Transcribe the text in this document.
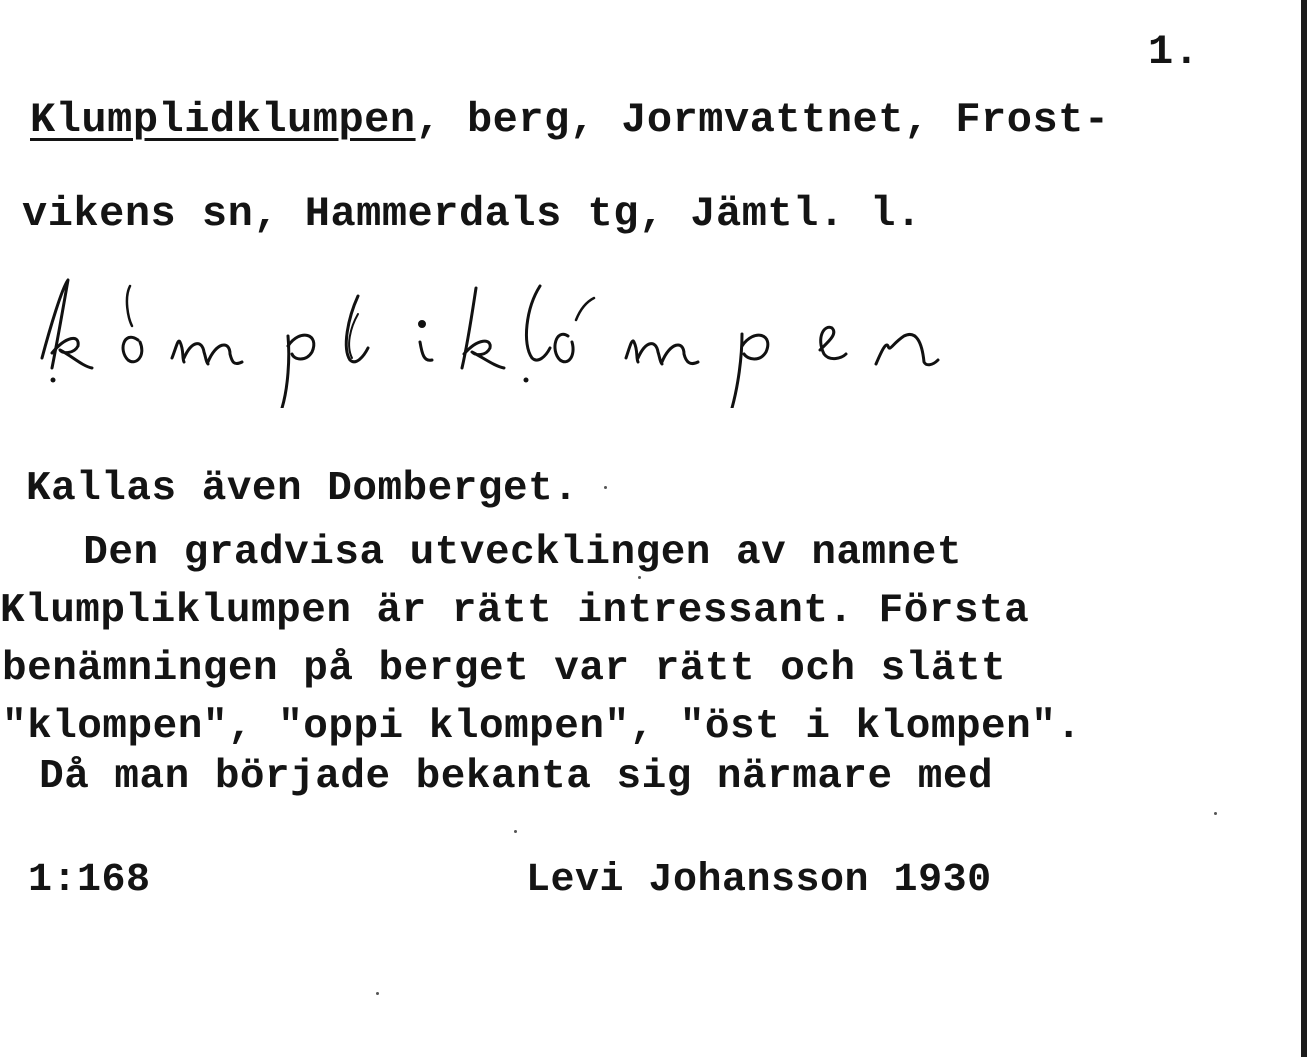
1.
Klumplidklumpen, berg, Jormvattnet, Frost-
vikens sn, Hammerdals tg, Jämtl. l.
Kallas även Domberget.
Den gradvisa utvecklingen av namnet
Klumpliklumpen är rätt intressant. Första
benämningen på berget var rätt och slätt
"klompen", "oppi klompen", "öst i klompen".
Då man började bekanta sig närmare med
1:168	Levi Johansson 1930
